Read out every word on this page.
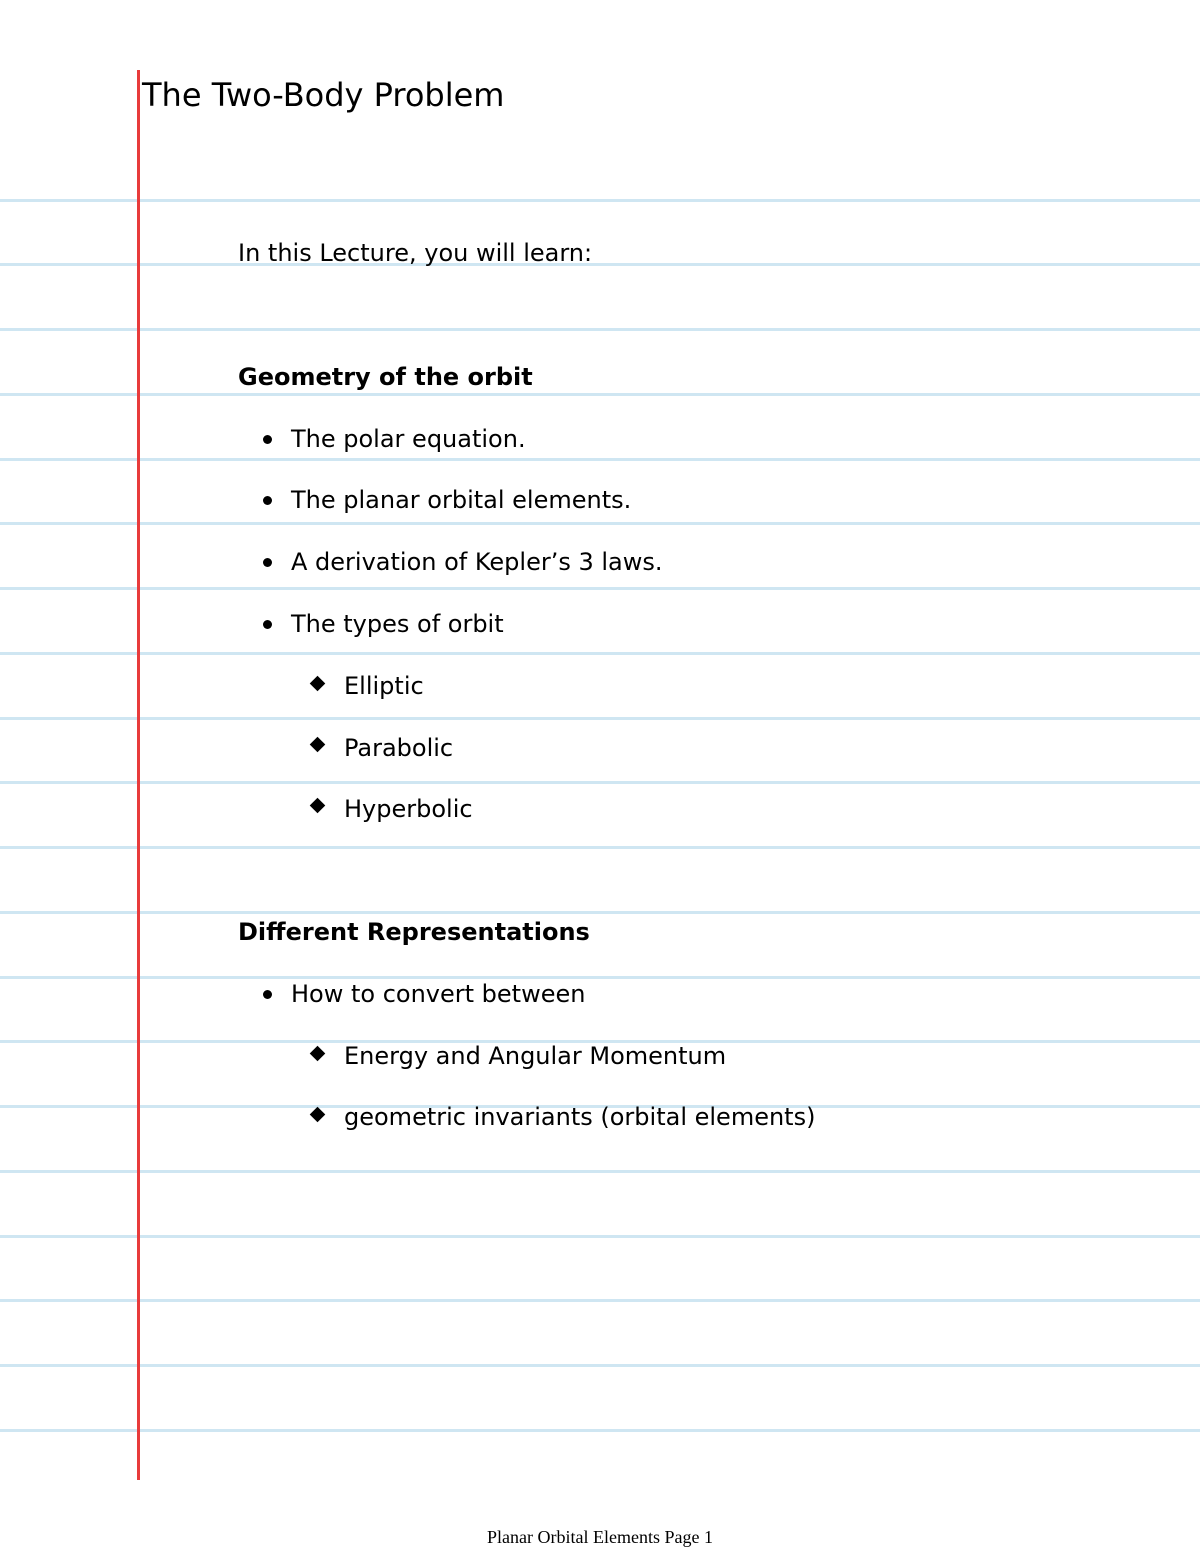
The Two-Body Problem
In this Lecture, you will learn:
Geometry of the orbit
The polar equation.
The planar orbital elements.
A derivation of Kepler’s 3 laws.
The types of orbit
Elliptic
Parabolic
Hyperbolic
Different Representations
How to convert between
Energy and Angular Momentum
geometric invariants (orbital elements)
Planar Orbital Elements Page 1
